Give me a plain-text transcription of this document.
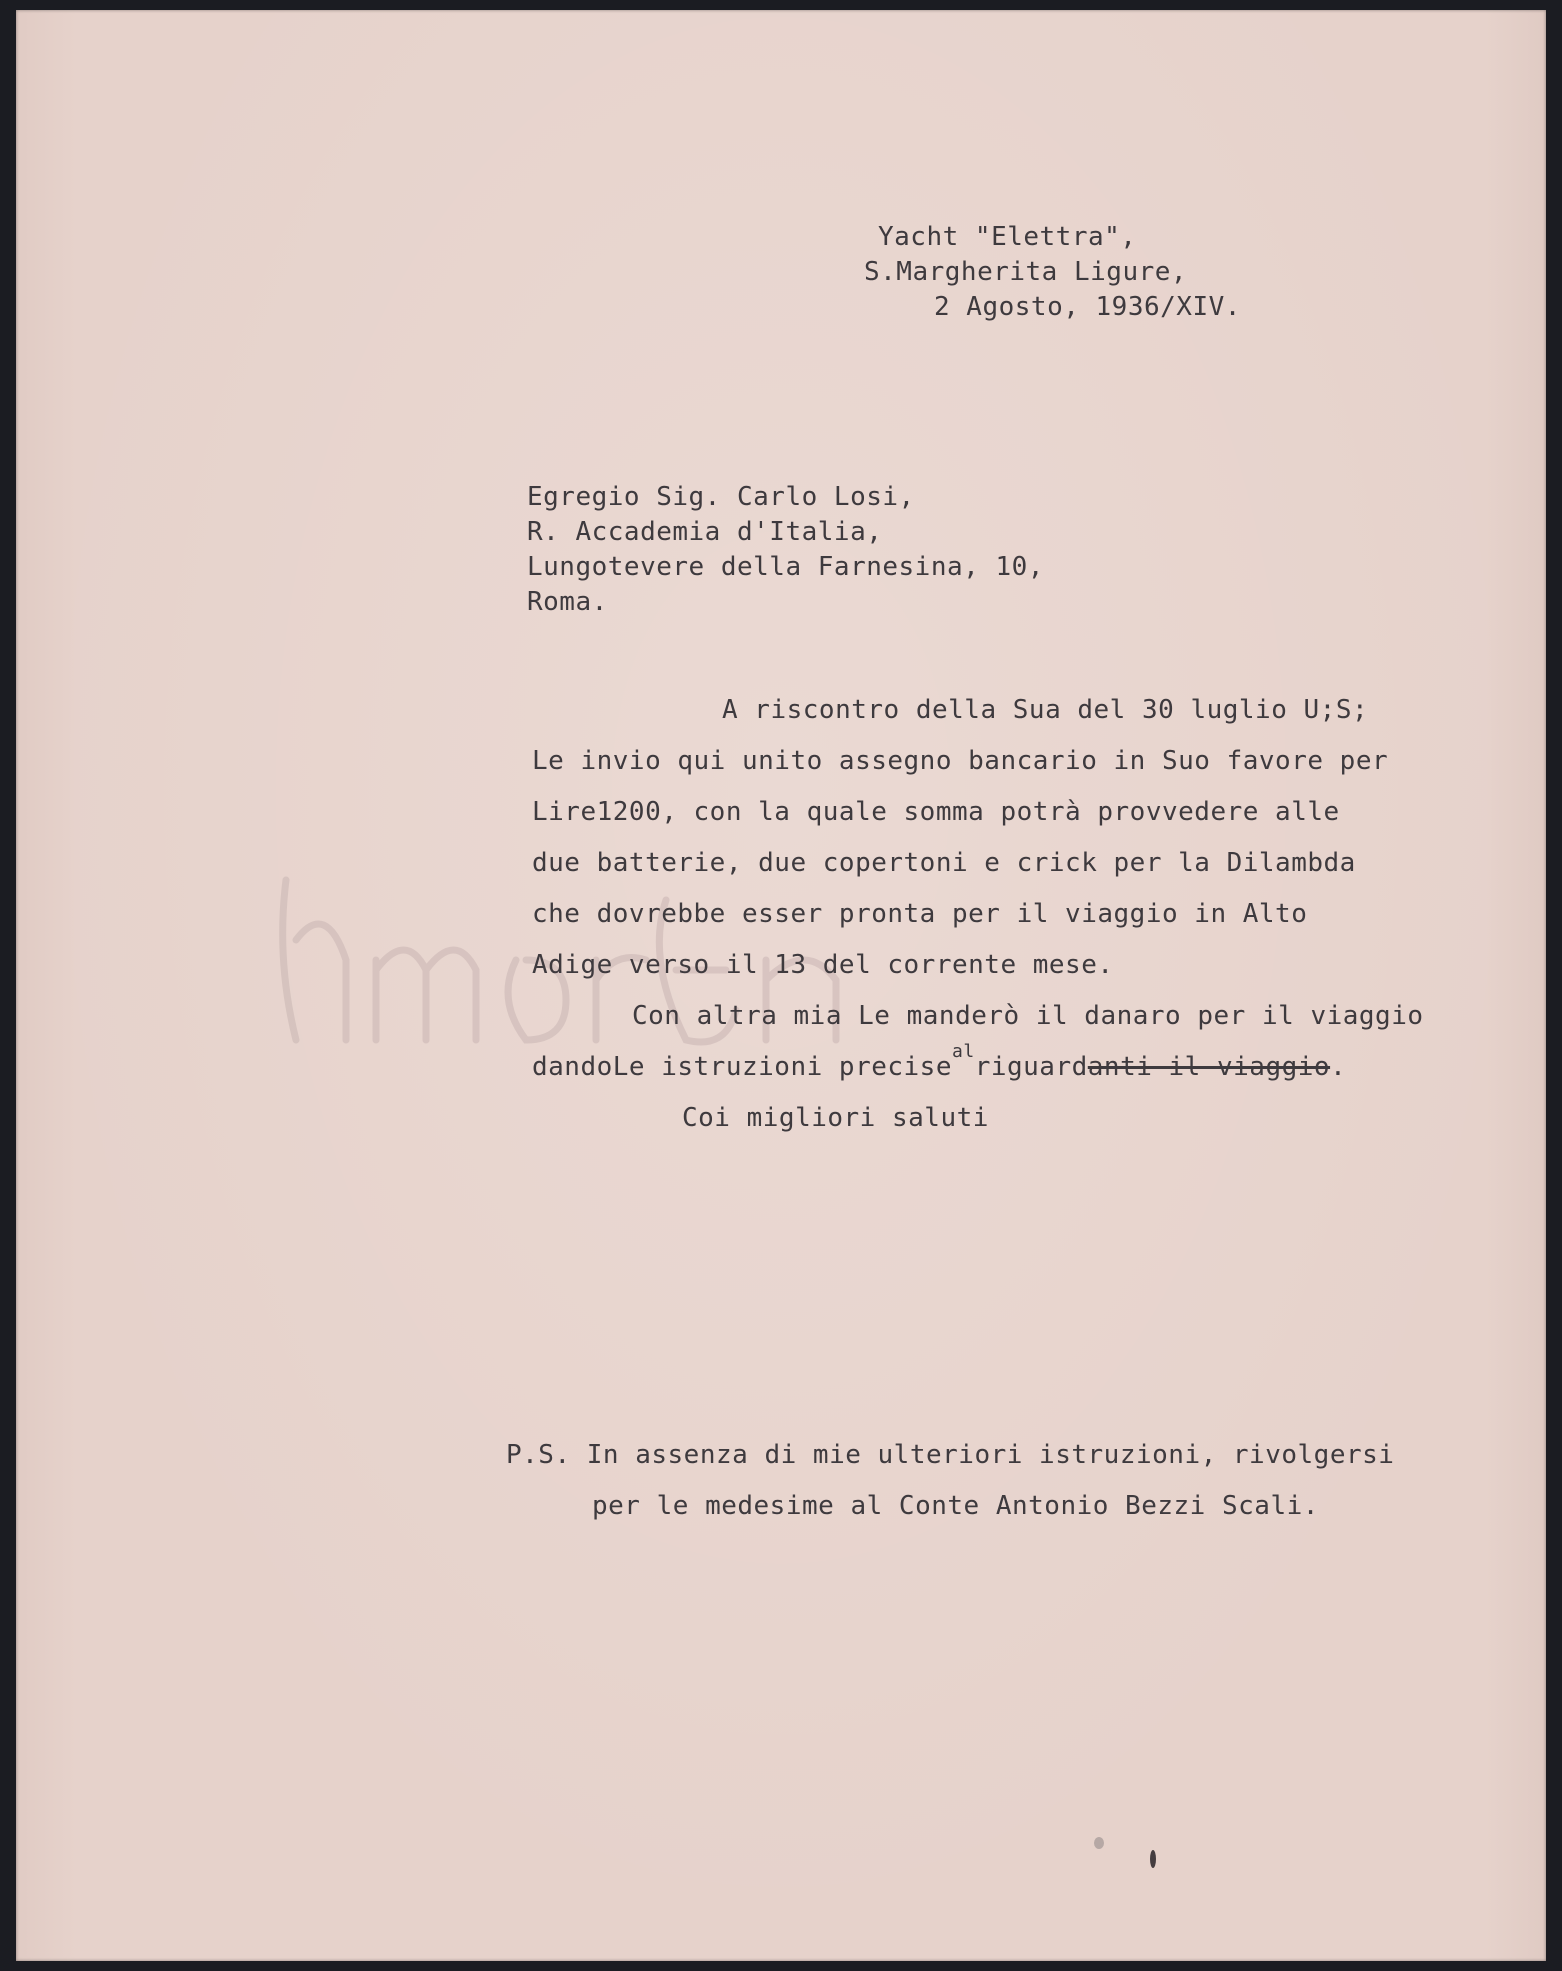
Yacht "Elettra",
S.Margherita Ligure,
2 Agosto, 1936/XIV.
Egregio Sig. Carlo Losi,
R. Accademia d'Italia,
Lungotevere della Farnesina, 10,
Roma.
A riscontro della Sua del 30 luglio U;S;
Le invio qui unito assegno bancario in Suo favore per
Lire1200, con la quale somma potrà provvedere alle
due batterie, due copertoni e crick per la Dilambda
che dovrebbe esser pronta per il viaggio in Alto
Adige verso il 13 del corrente mese.
Con altra mia Le manderò il danaro per il viaggio
dandoLe istruzioni precise$^{al}$riguardanti il viaggio.
Coi migliori saluti
P.S. In assenza di mie ulteriori istruzioni, rivolgersi
per le medesime al Conte Antonio Bezzi Scali.
